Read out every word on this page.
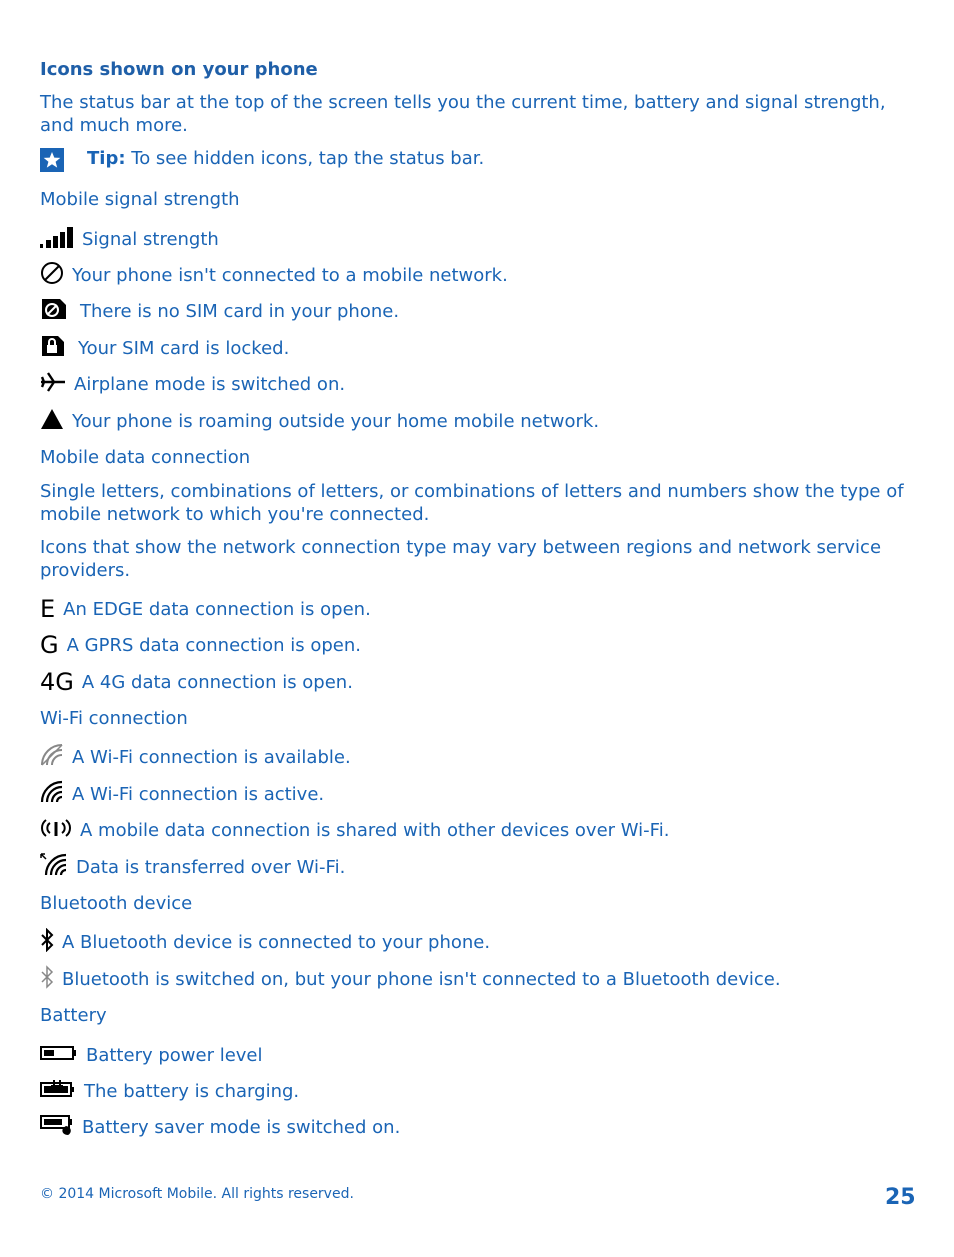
Icons shown on your phone
The status bar at the top of the screen tells you the current time, battery and signal strength, and much more.
Tip: To see hidden icons, tap the status bar.
Mobile signal strength
Signal strength
Your phone isn't connected to a mobile network.
There is no SIM card in your phone.
Your SIM card is locked.
Airplane mode is switched on.
Your phone is roaming outside your home mobile network.
Mobile data connection
Single letters, combinations of letters, or combinations of letters and numbers show the type of mobile network to which you're connected.
Icons that show the network connection type may vary between regions and network service providers.
E An EDGE data connection is open.
G A GPRS data connection is open.
4G A 4G data connection is open.
Wi-Fi connection
A Wi-Fi connection is available.
A Wi-Fi connection is active.
A mobile data connection is shared with other devices over Wi-Fi.
Data is transferred over Wi-Fi.
Bluetooth device
A Bluetooth device is connected to your phone.
Bluetooth is switched on, but your phone isn't connected to a Bluetooth device.
Battery
Battery power level
The battery is charging.
Battery saver mode is switched on.
© 2014 Microsoft Mobile. All rights reserved.	25
